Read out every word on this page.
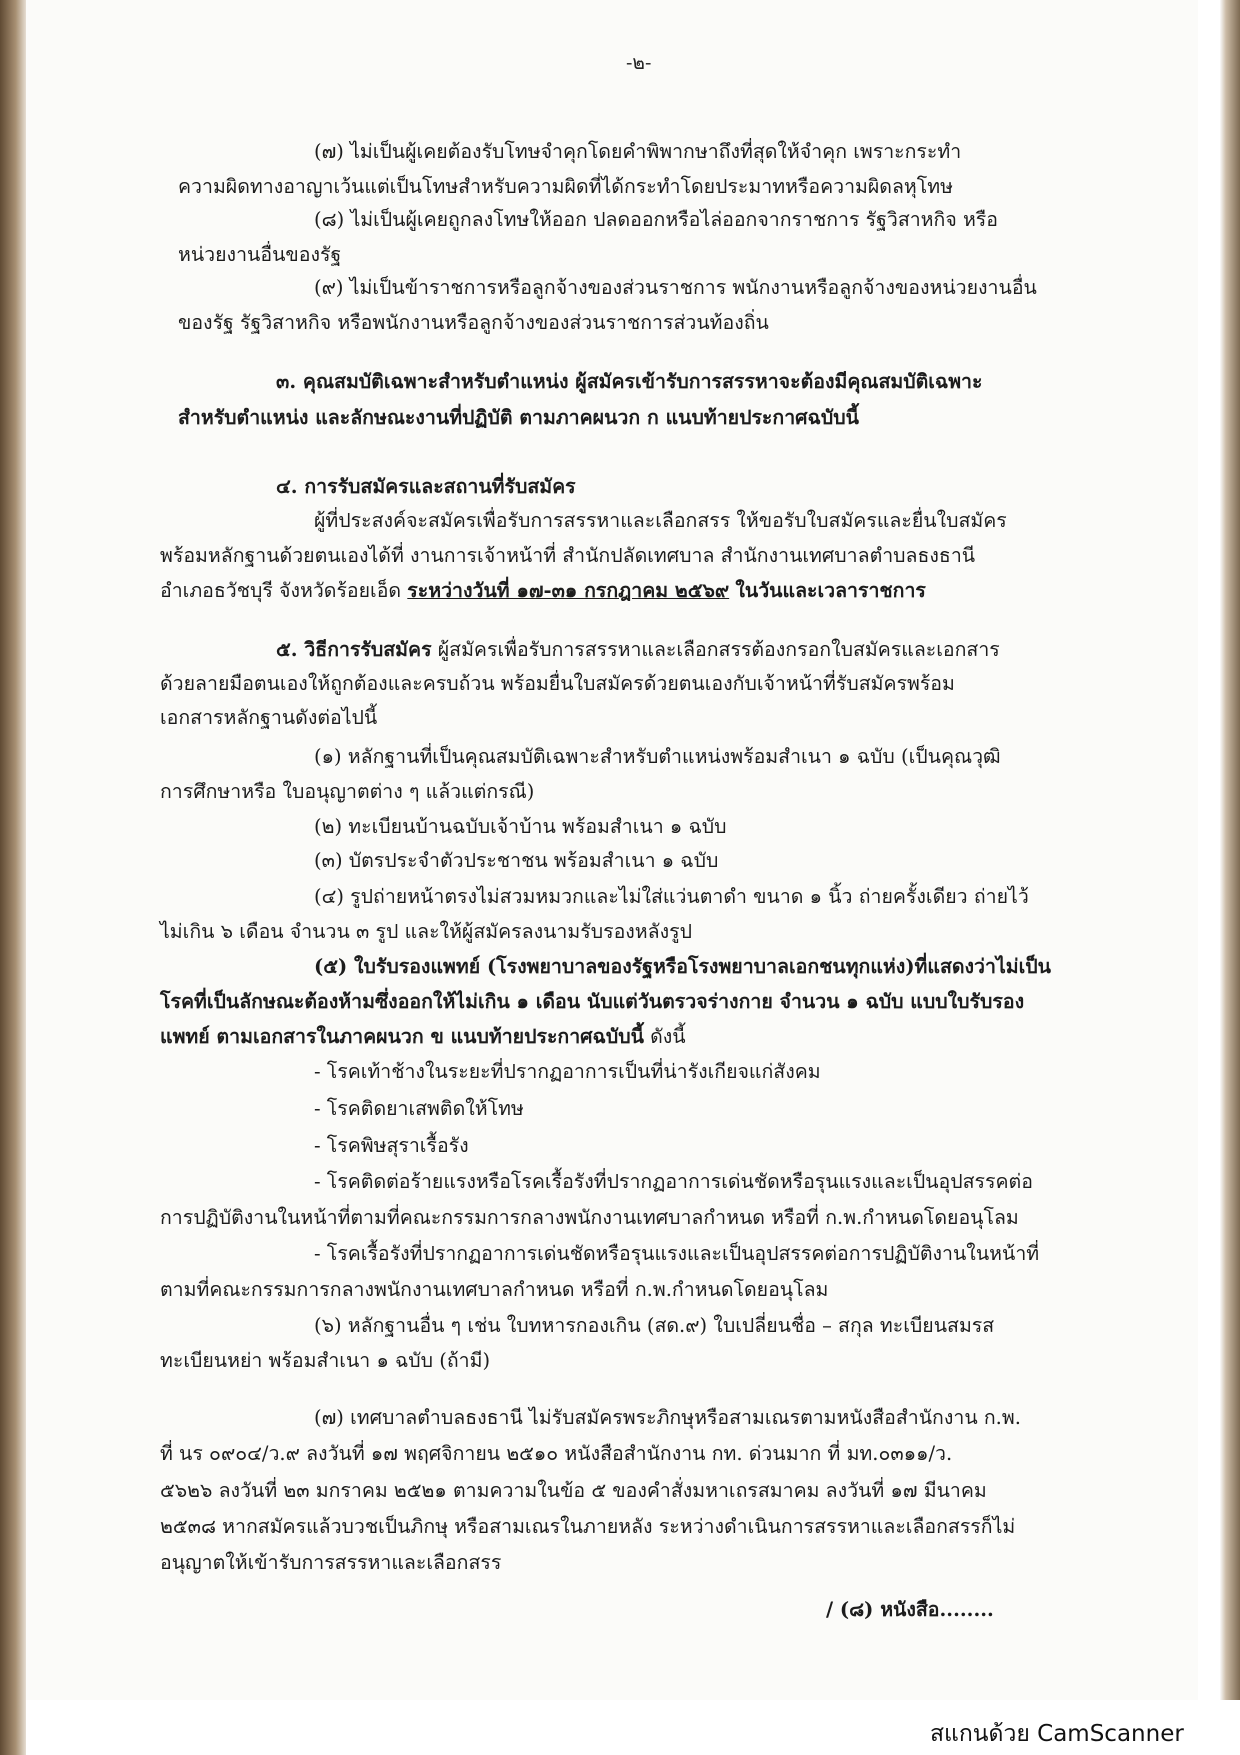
-๒-
(๗) ไม่เป็นผู้เคยต้องรับโทษจำคุกโดยคำพิพากษาถึงที่สุดให้จำคุก เพราะกระทำ
ความผิดทางอาญาเว้นแต่เป็นโทษสำหรับความผิดที่ได้กระทำโดยประมาทหรือความผิดลหุโทษ
(๘) ไม่เป็นผู้เคยถูกลงโทษให้ออก ปลดออกหรือไล่ออกจากราชการ รัฐวิสาหกิจ หรือ
หน่วยงานอื่นของรัฐ
(๙) ไม่เป็นข้าราชการหรือลูกจ้างของส่วนราชการ พนักงานหรือลูกจ้างของหน่วยงานอื่น
ของรัฐ รัฐวิสาหกิจ หรือพนักงานหรือลูกจ้างของส่วนราชการส่วนท้องถิ่น
๓. คุณสมบัติเฉพาะสำหรับตำแหน่ง ผู้สมัครเข้ารับการสรรหาจะต้องมีคุณสมบัติเฉพาะ
สำหรับตำแหน่ง และลักษณะงานที่ปฏิบัติ ตามภาคผนวก ก แนบท้ายประกาศฉบับนี้
๔. การรับสมัครและสถานที่รับสมัคร
ผู้ที่ประสงค์จะสมัครเพื่อรับการสรรหาและเลือกสรร ให้ขอรับใบสมัครและยื่นใบสมัคร
พร้อมหลักฐานด้วยตนเองได้ที่ งานการเจ้าหน้าที่ สำนักปลัดเทศบาล สำนักงานเทศบาลตำบลธงธานี
อำเภอธวัชบุรี จังหวัดร้อยเอ็ด ระหว่างวันที่ ๑๗-๓๑ กรกฎาคม ๒๕๖๙ ในวันและเวลาราชการ
๕. วิธีการรับสมัคร ผู้สมัครเพื่อรับการสรรหาและเลือกสรรต้องกรอกใบสมัครและเอกสาร
ด้วยลายมือตนเองให้ถูกต้องและครบถ้วน พร้อมยื่นใบสมัครด้วยตนเองกับเจ้าหน้าที่รับสมัครพร้อม
เอกสารหลักฐานดังต่อไปนี้
(๑) หลักฐานที่เป็นคุณสมบัติเฉพาะสำหรับตำแหน่งพร้อมสำเนา ๑ ฉบับ (เป็นคุณวุฒิ
การศึกษาหรือ ใบอนุญาตต่าง ๆ แล้วแต่กรณี)
(๒) ทะเบียนบ้านฉบับเจ้าบ้าน พร้อมสำเนา ๑ ฉบับ
(๓) บัตรประจำตัวประชาชน พร้อมสำเนา ๑ ฉบับ
(๔) รูปถ่ายหน้าตรงไม่สวมหมวกและไม่ใส่แว่นตาดำ ขนาด ๑ นิ้ว ถ่ายครั้งเดียว ถ่ายไว้
ไม่เกิน ๖ เดือน จำนวน ๓ รูป และให้ผู้สมัครลงนามรับรองหลังรูป
(๕) ใบรับรองแพทย์ (โรงพยาบาลของรัฐหรือโรงพยาบาลเอกชนทุกแห่ง)ที่แสดงว่าไม่เป็น
โรคที่เป็นลักษณะต้องห้ามซึ่งออกให้ไม่เกิน ๑ เดือน นับแต่วันตรวจร่างกาย จำนวน ๑ ฉบับ แบบใบรับรอง
แพทย์ ตามเอกสารในภาคผนวก ข แนบท้ายประกาศฉบับนี้ ดังนี้
- โรคเท้าช้างในระยะที่ปรากฏอาการเป็นที่น่ารังเกียจแก่สังคม
- โรคติดยาเสพติดให้โทษ
- โรคพิษสุราเรื้อรัง
- โรคติดต่อร้ายแรงหรือโรคเรื้อรังที่ปรากฏอาการเด่นชัดหรือรุนแรงและเป็นอุปสรรคต่อ
การปฏิบัติงานในหน้าที่ตามที่คณะกรรมการกลางพนักงานเทศบาลกำหนด หรือที่ ก.พ.กำหนดโดยอนุโลม
- โรคเรื้อรังที่ปรากฏอาการเด่นชัดหรือรุนแรงและเป็นอุปสรรคต่อการปฏิบัติงานในหน้าที่
ตามที่คณะกรรมการกลางพนักงานเทศบาลกำหนด หรือที่ ก.พ.กำหนดโดยอนุโลม
(๖) หลักฐานอื่น ๆ เช่น ใบทหารกองเกิน (สด.๙) ใบเปลี่ยนชื่อ – สกุล ทะเบียนสมรส
ทะเบียนหย่า พร้อมสำเนา ๑ ฉบับ (ถ้ามี)
(๗) เทศบาลตำบลธงธานี ไม่รับสมัครพระภิกษุหรือสามเณรตามหนังสือสำนักงาน ก.พ.
ที่ นร ๐๙๐๔/ว.๙ ลงวันที่ ๑๗ พฤศจิกายน ๒๕๑๐ หนังสือสำนักงาน กท. ด่วนมาก ที่ มท.๐๓๑๑/ว.
๕๖๒๖ ลงวันที่ ๒๓ มกราคม ๒๕๒๑ ตามความในข้อ ๕ ของคำสั่งมหาเถรสมาคม ลงวันที่ ๑๗ มีนาคม
๒๕๓๘ หากสมัครแล้วบวชเป็นภิกษุ หรือสามเณรในภายหลัง ระหว่างดำเนินการสรรหาและเลือกสรรก็ไม่
อนุญาตให้เข้ารับการสรรหาและเลือกสรร
/ (๘) หนังสือ........
สแกนด้วย CamScanner
